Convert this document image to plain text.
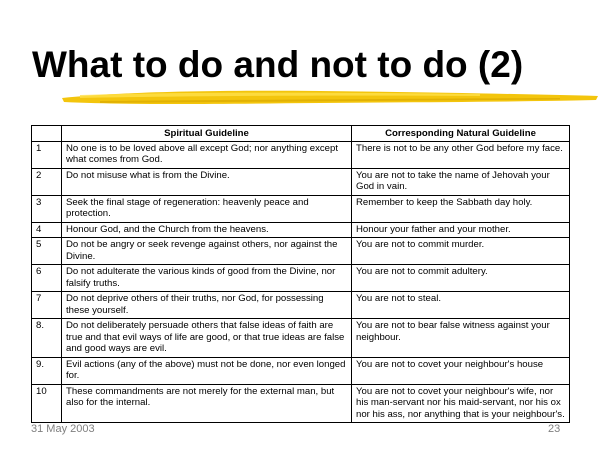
What to do and not to do (2)
	Spiritual Guideline	Corresponding Natural Guideline
1	No one is to be loved above all except God; nor anything except what comes from God.	There is not to be any other God before my face.
2	Do not misuse what is from the Divine.	You are not to take the name of Jehovah your God in vain.
3	Seek the final stage of regeneration: heavenly peace and protection.	Remember to keep the Sabbath day holy.
4	Honour God, and the Church from the heavens.	Honour your father and your mother.
5	Do not be angry or seek revenge against others, nor against the Divine.	You are not to commit murder.
6	Do not adulterate the various kinds of good from the Divine, nor falsify truths.	You are not to commit adultery.
7	Do not deprive others of their truths, nor God, for possessing these yourself.	You are not to steal.
8.	Do not deliberately persuade others that false ideas of faith are true and that evil ways of life are good, or that true ideas are false and good ways are evil.	You are not to bear false witness against your neighbour.
9.	Evil actions (any of the above) must not be done, nor even longed for.	You are not to covet your neighbour's house
10	These commandments are not merely for the external man, but also for the internal.	You are not to covet your neighbour's wife, nor his man-servant nor his maid-servant, nor his ox nor his ass, nor anything that is your neighbour's.
31 May 2003	23
